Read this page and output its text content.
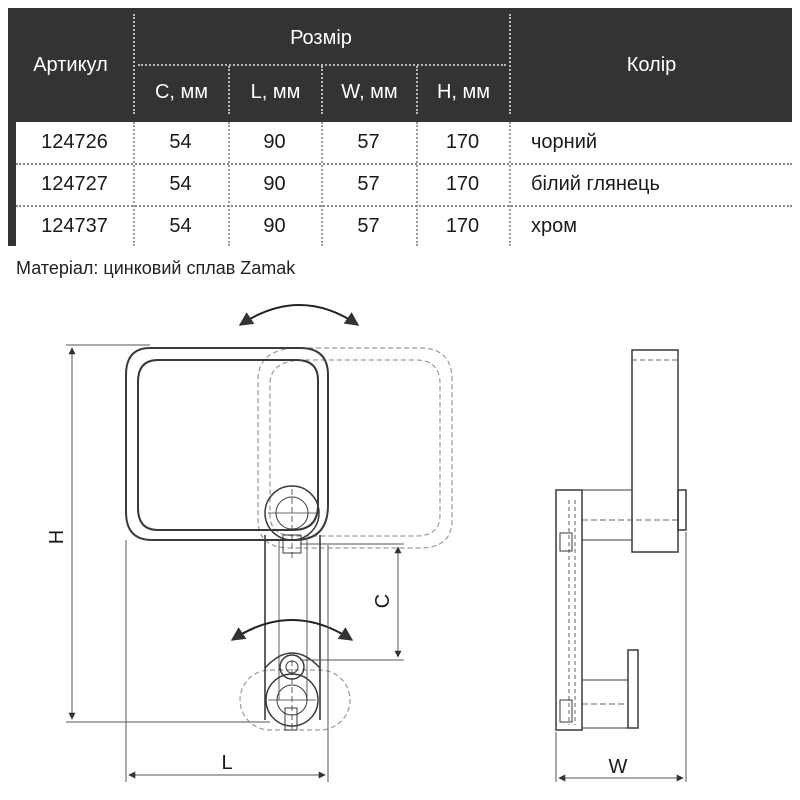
Артикул
Розмір
Колір
C, мм	L, мм	W, мм	H, мм
124726	54	90	57	170	чорний
124727	54	90	57	170	білий глянець
124737	54	90	57	170	хром
Матеріал: цинковий сплав Zamak
H
C
L	W
